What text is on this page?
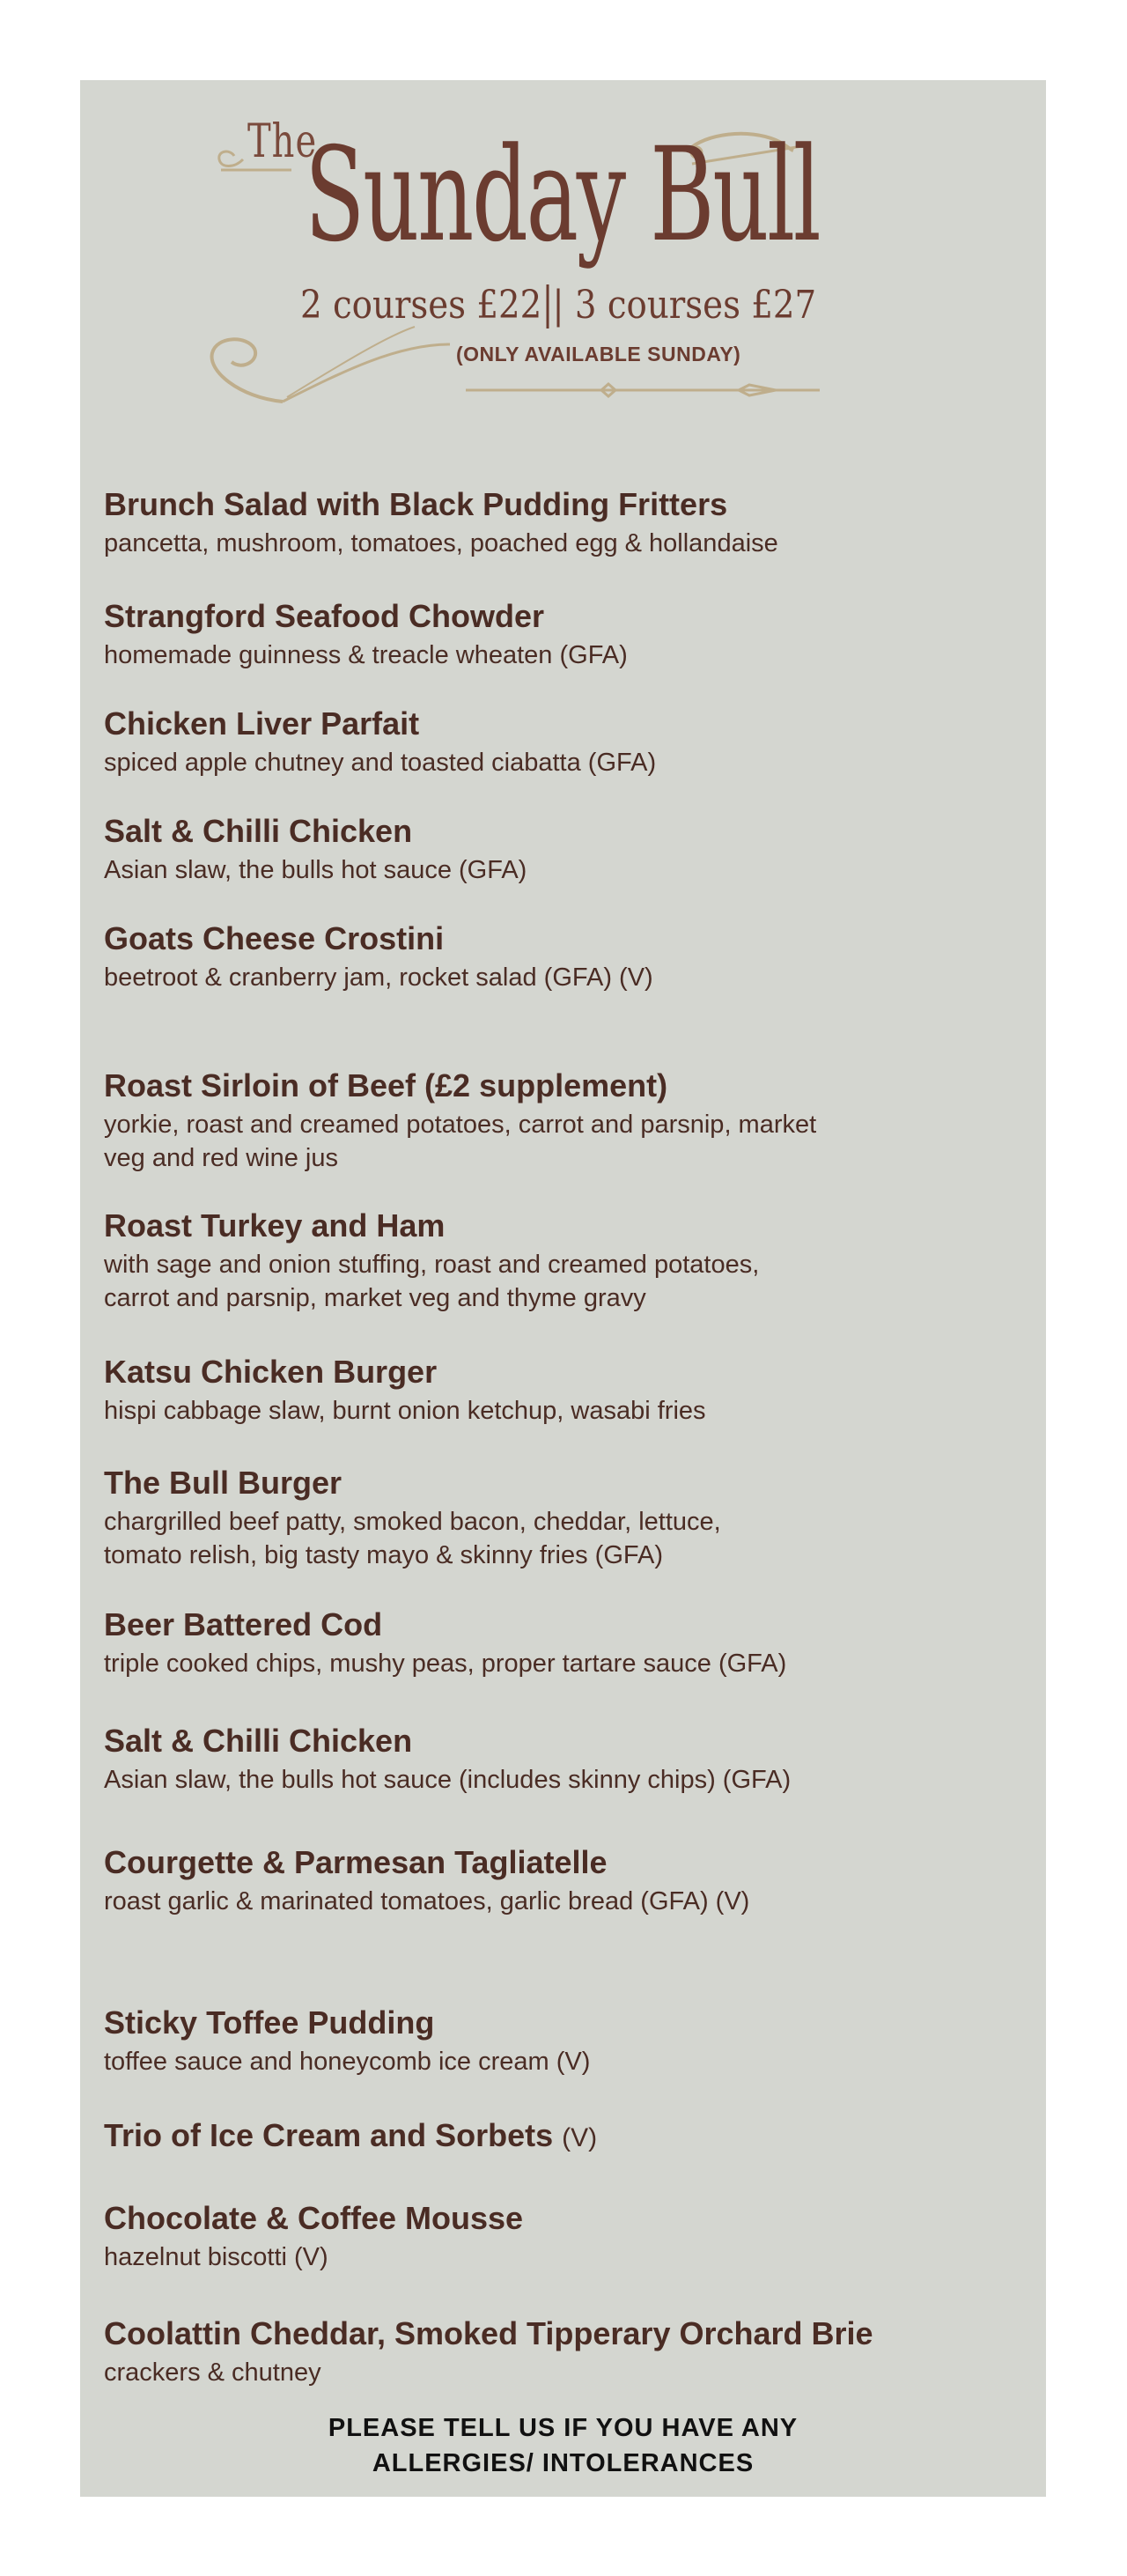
The
Sunday Bull
2 courses £22 | 3 courses £27
(ONLY AVAILABLE SUNDAY)
Brunch Salad with Black Pudding Fritters
pancetta, mushroom, tomatoes, poached egg & hollandaise
Strangford Seafood Chowder
homemade guinness & treacle wheaten (GFA)
Chicken Liver Parfait
spiced apple chutney and toasted ciabatta (GFA)
Salt & Chilli Chicken
Asian slaw, the bulls hot sauce (GFA)
Goats Cheese Crostini
beetroot & cranberry jam, rocket salad (GFA) (V)
Roast Sirloin of Beef (£2 supplement)
yorkie, roast and creamed potatoes, carrot and parsnip, market
veg and red wine jus
Roast Turkey and Ham
with sage and onion stuffing, roast and creamed potatoes,
carrot and parsnip, market veg and thyme gravy
Katsu Chicken Burger
hispi cabbage slaw, burnt onion ketchup, wasabi fries
The Bull Burger
chargrilled beef patty, smoked bacon, cheddar, lettuce,
tomato relish, big tasty mayo & skinny fries (GFA)
Beer Battered Cod
triple cooked chips, mushy peas, proper tartare sauce (GFA)
Salt & Chilli Chicken
Asian slaw, the bulls hot sauce (includes skinny chips) (GFA)
Courgette & Parmesan Tagliatelle
roast garlic & marinated tomatoes, garlic bread (GFA) (V)
Sticky Toffee Pudding
toffee sauce and honeycomb ice cream (V)
Chocolate & Coffee Mousse
hazelnut biscotti (V)
Trio of Ice Cream and Sorbets (V)
Coolattin Cheddar, Smoked Tipperary Orchard Brie
crackers & chutney
PLEASE TELL US IF YOU HAVE ANY
ALLERGIES/ INTOLERANCES
